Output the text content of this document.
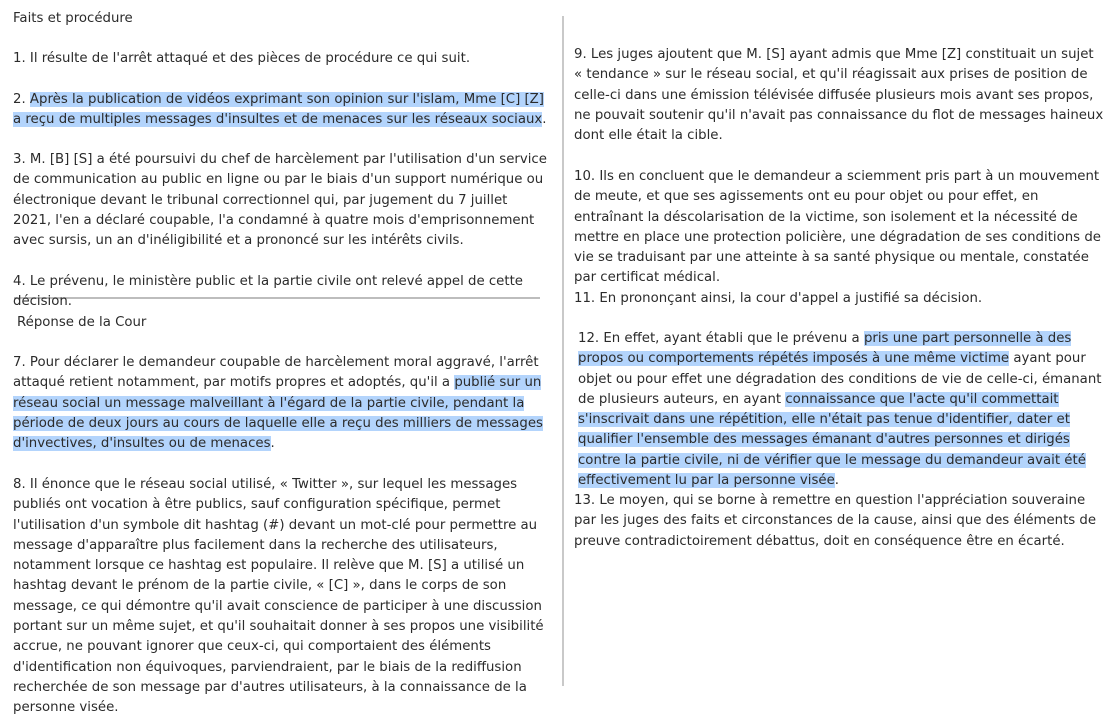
Faits et procédure

1. Il résulte de l'arrêt attaqué et des pièces de procédure ce qui suit.

2. Après la publication de vidéos exprimant son opinion sur l'islam, Mme [C] [Z] a reçu de multiples messages d'insultes et de menaces sur les réseaux sociaux.

3. M. [B] [S] a été poursuivi du chef de harcèlement par l'utilisation d'un service de communication au public en ligne ou par le biais d'un support numérique ou électronique devant le tribunal correctionnel qui, par jugement du 7 juillet 2021, l'en a déclaré coupable, l'a condamné à quatre mois d'emprisonnement avec sursis, un an d'inéligibilité et a prononcé sur les intérêts civils.

4. Le prévenu, le ministère public et la partie civile ont relevé appel de cette décision.

Réponse de la Cour

7. Pour déclarer le demandeur coupable de harcèlement moral aggravé, l'arrêt attaqué retient notamment, par motifs propres et adoptés, qu'il a publié sur un réseau social un message malveillant à l'égard de la partie civile, pendant la période de deux jours au cours de laquelle elle a reçu des milliers de messages d'invectives, d'insultes ou de menaces.

8. Il énonce que le réseau social utilisé, « Twitter », sur lequel les messages publiés ont vocation à être publics, sauf configuration spécifique, permet l'utilisation d'un symbole dit hashtag (#) devant un mot-clé pour permettre au message d'apparaître plus facilement dans la recherche des utilisateurs, notamment lorsque ce hashtag est populaire. Il relève que M. [S] a utilisé un hashtag devant le prénom de la partie civile, « [C] », dans le corps de son message, ce qui démontre qu'il avait conscience de participer à une discussion portant sur un même sujet, et qu'il souhaitait donner à ses propos une visibilité accrue, ne pouvant ignorer que ceux-ci, qui comportaient des éléments d'identification non équivoques, parviendraient, par le biais de la rediffusion recherchée de son message par d'autres utilisateurs, à la connaissance de la personne visée.

9. Les juges ajoutent que M. [S] ayant admis que Mme [Z] constituait un sujet « tendance » sur le réseau social, et qu'il réagissait aux prises de position de celle-ci dans une émission télévisée diffusée plusieurs mois avant ses propos, ne pouvait soutenir qu'il n'avait pas connaissance du flot de messages haineux dont elle était la cible.

10. Ils en concluent que le demandeur a sciemment pris part à un mouvement de meute, et que ses agissements ont eu pour objet ou pour effet, en entraînant la déscolarisation de la victime, son isolement et la nécessité de mettre en place une protection policière, une dégradation de ses conditions de vie se traduisant par une atteinte à sa santé physique ou mentale, constatée par certificat médical.

11. En prononçant ainsi, la cour d'appel a justifié sa décision.

12. En effet, ayant établi que le prévenu a pris une part personnelle à des propos ou comportements répétés imposés à une même victime ayant pour objet ou pour effet une dégradation des conditions de vie de celle-ci, émanant de plusieurs auteurs, en ayant connaissance que l'acte qu'il commettait s'inscrivait dans une répétition, elle n'était pas tenue d'identifier, dater et qualifier l'ensemble des messages émanant d'autres personnes et dirigés contre la partie civile, ni de vérifier que le message du demandeur avait été effectivement lu par la personne visée.

13. Le moyen, qui se borne à remettre en question l'appréciation souveraine par les juges des faits et circonstances de la cause, ainsi que des éléments de preuve contradictoirement débattus, doit en conséquence être en écarté.
